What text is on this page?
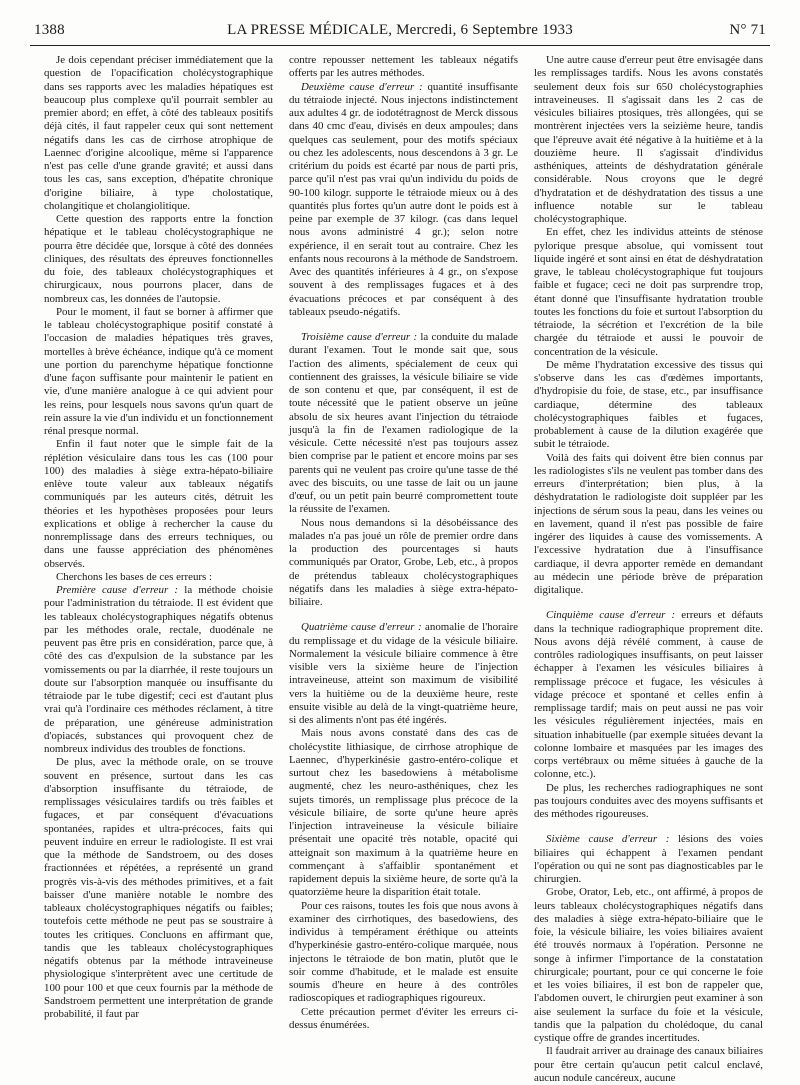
1388	LA PRESSE MÉDICALE, Mercredi, 6 Septembre 1933	N° 71

Je dois cependant préciser immédiatement que la question de l'opacification cholécystographique dans ses rapports avec les maladies hépatiques est beaucoup plus complexe qu'il pourrait sembler au premier abord; en effet, à côté des tableaux positifs déjà cités, il faut rappeler ceux qui sont nettement négatifs dans les cas de cirrhose atrophique de Laennec d'origine alcoolique, même si l'apparence n'est pas celle d'une grande gravité; et aussi dans tous les cas, sans exception, d'hépatite chronique d'origine biliaire, à type cholostatique, cholangitique et cholangiolitique.

Cette question des rapports entre la fonction hépatique et le tableau cholécystographique ne pourra être décidée que, lorsque à côté des données cliniques, des résultats des épreuves fonctionnelles du foie, des tableaux cholécystographiques et chirurgicaux, nous pourrons placer, dans de nombreux cas, les données de l'autopsie.

Pour le moment, il faut se borner à affirmer que le tableau cholécystographique positif constaté à l'occasion de maladies hépatiques très graves, mortelles à brève échéance, indique qu'à ce moment une portion du parenchyme hépatique fonctionne d'une façon suffisante pour maintenir le patient en vie, d'une manière analogue à ce qui advient pour les reins, pour lesquels nous savons qu'un quart de rein assure la vie d'un individu et un fonctionnement rénal presque normal.

Enfin il faut noter que le simple fait de la réplétion vésiculaire dans tous les cas (100 pour 100) des maladies à siège extra-hépato-biliaire enlève toute valeur aux tableaux négatifs communiqués par les auteurs cités, détruit les théories et les hypothèses proposées pour leurs explications et oblige à rechercher la cause du nonremplissage dans des erreurs techniques, ou dans une fausse appréciation des phénomènes observés.

Cherchons les bases de ces erreurs :

Première cause d'erreur : la méthode choisie pour l'administration du tétraiode. Il est évident que les tableaux cholécystographiques négatifs obtenus par les méthodes orale, rectale, duodénale ne peuvent pas être pris en considération, parce que, à côté des cas d'expulsion de la substance par les vomissements ou par la diarrhée, il reste toujours un doute sur l'absorption manquée ou insuffisante du tétraiode par le tube digestif; ceci est d'autant plus vrai qu'à l'ordinaire ces méthodes réclament, à titre de préparation, une généreuse administration d'opiacés, substances qui provoquent chez de nombreux individus des troubles de fonctions.

De plus, avec la méthode orale, on se trouve souvent en présence, surtout dans les cas d'absorption insuffisante du tétraiode, de remplissages vésiculaires tardifs ou très faibles et fugaces, et par conséquent d'évacuations spontanées, rapides et ultra-précoces, faits qui peuvent induire en erreur le radiologiste. Il est vrai que la méthode de Sandstroem, ou des doses fractionnées et répétées, a représenté un grand progrès vis-à-vis des méthodes primitives, et a fait baisser d'une manière notable le nombre des tableaux cholécystographiques négatifs ou faibles; toutefois cette méthode ne peut pas se soustraire à toutes les critiques. Concluons en affirmant que, tandis que les tableaux cholécystographiques négatifs obtenus par la méthode intraveineuse physiologique s'interprètent avec une certitude de 100 pour 100 et que ceux fournis par la méthode de Sandstroem permettent une interprétation de grande probabilité, il faut par

contre repousser nettement les tableaux négatifs offerts par les autres méthodes.

Deuxième cause d'erreur : quantité insuffisante du tétraiode injecté. Nous injectons indistinctement aux adultes 4 gr. de iodotétragnost de Merck dissous dans 40 cmc d'eau, divisés en deux ampoules; dans quelques cas seulement, pour des motifs spéciaux ou chez les adolescents, nous descendons à 3 gr. Le critérium du poids est écarté par nous de parti pris, parce qu'il n'est pas vrai qu'un individu du poids de 90-100 kilogr. supporte le tétraiode mieux ou à des quantités plus fortes qu'un autre dont le poids est à peine par exemple de 37 kilogr. (cas dans lequel nous avons administré 4 gr.); selon notre expérience, il en serait tout au contraire. Chez les enfants nous recourons à la méthode de Sandstroem. Avec des quantités inférieures à 4 gr., on s'expose souvent à des remplissages fugaces et à des évacuations précoces et par conséquent à des tableaux pseudo-négatifs.

Troisième cause d'erreur : la conduite du malade durant l'examen. Tout le monde sait que, sous l'action des aliments, spécialement de ceux qui contiennent des graisses, la vésicule biliaire se vide de son contenu et que, par conséquent, il est de toute nécessité que le patient observe un jeûne absolu de six heures avant l'injection du tétraiode jusqu'à la fin de l'examen radiologique de la vésicule. Cette nécessité n'est pas toujours assez bien comprise par le patient et encore moins par ses parents qui ne veulent pas croire qu'une tasse de thé avec des biscuits, ou une tasse de lait ou un jaune d'œuf, ou un petit pain beurré compromettent toute la réussite de l'examen.

Nous nous demandons si la désobéissance des malades n'a pas joué un rôle de premier ordre dans la production des pourcentages si hauts communiqués par Orator, Grobe, Leb, etc., à propos de prétendus tableaux cholécystographiques négatifs dans les maladies à siège extra-hépato-biliaire.

Quatrième cause d'erreur : anomalie de l'horaire du remplissage et du vidage de la vésicule biliaire. Normalement la vésicule biliaire commence à être visible vers la sixième heure de l'injection intraveineuse, atteint son maximum de visibilité vers la huitième ou de la deuxième heure, reste ensuite visible au delà de la vingt-quatrième heure, si des aliments n'ont pas été ingérés.

Mais nous avons constaté dans des cas de cholécystite lithiasique, de cirrhose atrophique de Laennec, d'hyperkinésie gastro-entéro-colique et surtout chez les basedowiens à métabolisme augmenté, chez les neuro-asthéniques, chez les sujets timorés, un remplissage plus précoce de la vésicule biliaire, de sorte qu'une heure après l'injection intraveineuse la vésicule biliaire présentait une opacité très notable, opacité qui atteignait son maximum à la quatrième heure en commençant à s'affaiblir spontanément et rapidement depuis la sixième heure, de sorte qu'à la quatorzième heure la disparition était totale.

Pour ces raisons, toutes les fois que nous avons à examiner des cirrhotiques, des basedowiens, des individus à tempérament éréthique ou atteints d'hyperkinésie gastro-entéro-colique marquée, nous injectons le tétraiode de bon matin, plutôt que le soir comme d'habitude, et le malade est ensuite soumis d'heure en heure à des contrôles radioscopiques et radiographiques rigoureux.

Cette précaution permet d'éviter les erreurs ci-dessus énumérées.

Une autre cause d'erreur peut être envisagée dans les remplissages tardifs. Nous les avons constatés seulement deux fois sur 650 cholécystographies intraveineuses. Il s'agissait dans les 2 cas de vésicules biliaires ptosiques, très allongées, qui se montrèrent injectées vers la seizième heure, tandis que l'épreuve avait été négative à la huitième et à la douzième heure. Il s'agissait d'individus asthéniques, atteints de déshydratation générale considérable. Nous croyons que le degré d'hydratation et de déshydratation des tissus a une influence notable sur le tableau cholécystographique.

En effet, chez les individus atteints de sténose pylorique presque absolue, qui vomissent tout liquide ingéré et sont ainsi en état de déshydratation grave, le tableau cholécystographique fut toujours faible et fugace; ceci ne doit pas surprendre trop, étant donné que l'insuffisante hydratation trouble toutes les fonctions du foie et surtout l'absorption du tétraiode, la sécrétion et l'excrétion de la bile chargée du tétraiode et aussi le pouvoir de concentration de la vésicule.

De même l'hydratation excessive des tissus qui s'observe dans les cas d'œdèmes importants, d'hydropisie du foie, de stase, etc., par insuffisance cardiaque, détermine des tableaux cholécystographiques faibles et fugaces, probablement à cause de la dilution exagérée que subit le tétraiode.

Voilà des faits qui doivent être bien connus par les radiologistes s'ils ne veulent pas tomber dans des erreurs d'interprétation; bien plus, à la déshydratation le radiologiste doit suppléer par les injections de sérum sous la peau, dans les veines ou en lavement, quand il n'est pas possible de faire ingérer des liquides à cause des vomissements. A l'excessive hydratation due à l'insuffisance cardiaque, il devra apporter remède en demandant au médecin une période brève de préparation digitalique.

Cinquième cause d'erreur : erreurs et défauts dans la technique radiographique proprement dite. Nous avons déjà révélé comment, à cause de contrôles radiologiques insuffisants, on peut laisser échapper à l'examen les vésicules biliaires à remplissage précoce et fugace, les vésicules à vidage précoce et spontané et celles enfin à remplissage tardif; mais on peut aussi ne pas voir les vésicules régulièrement injectées, mais en situation inhabituelle (par exemple situées devant la colonne lombaire et masquées par les images des corps vertébraux ou même situées à gauche de la colonne, etc.).

De plus, les recherches radiographiques ne sont pas toujours conduites avec des moyens suffisants et des méthodes rigoureuses.

Sixième cause d'erreur : lésions des voies biliaires qui échappent à l'examen pendant l'opération ou qui ne sont pas diagnosticables par le chirurgien.

Grobe, Orator, Leb, etc., ont affirmé, à propos de leurs tableaux cholécystographiques négatifs dans des maladies à siège extra-hépato-biliaire que le foie, la vésicule biliaire, les voies biliaires avaient été trouvés normaux à l'opération. Personne ne songe à infirmer l'importance de la constatation chirurgicale; pourtant, pour ce qui concerne le foie et les voies biliaires, il est bon de rappeler que, l'abdomen ouvert, le chirurgien peut examiner à son aise seulement la surface du foie et la vésicule, tandis que la palpation du cholédoque, du canal cystique offre de grandes incertitudes.

Il faudrait arriver au drainage des canaux biliaires pour être certain qu'aucun petit calcul enclavé, aucun nodule cancéreux, aucune
